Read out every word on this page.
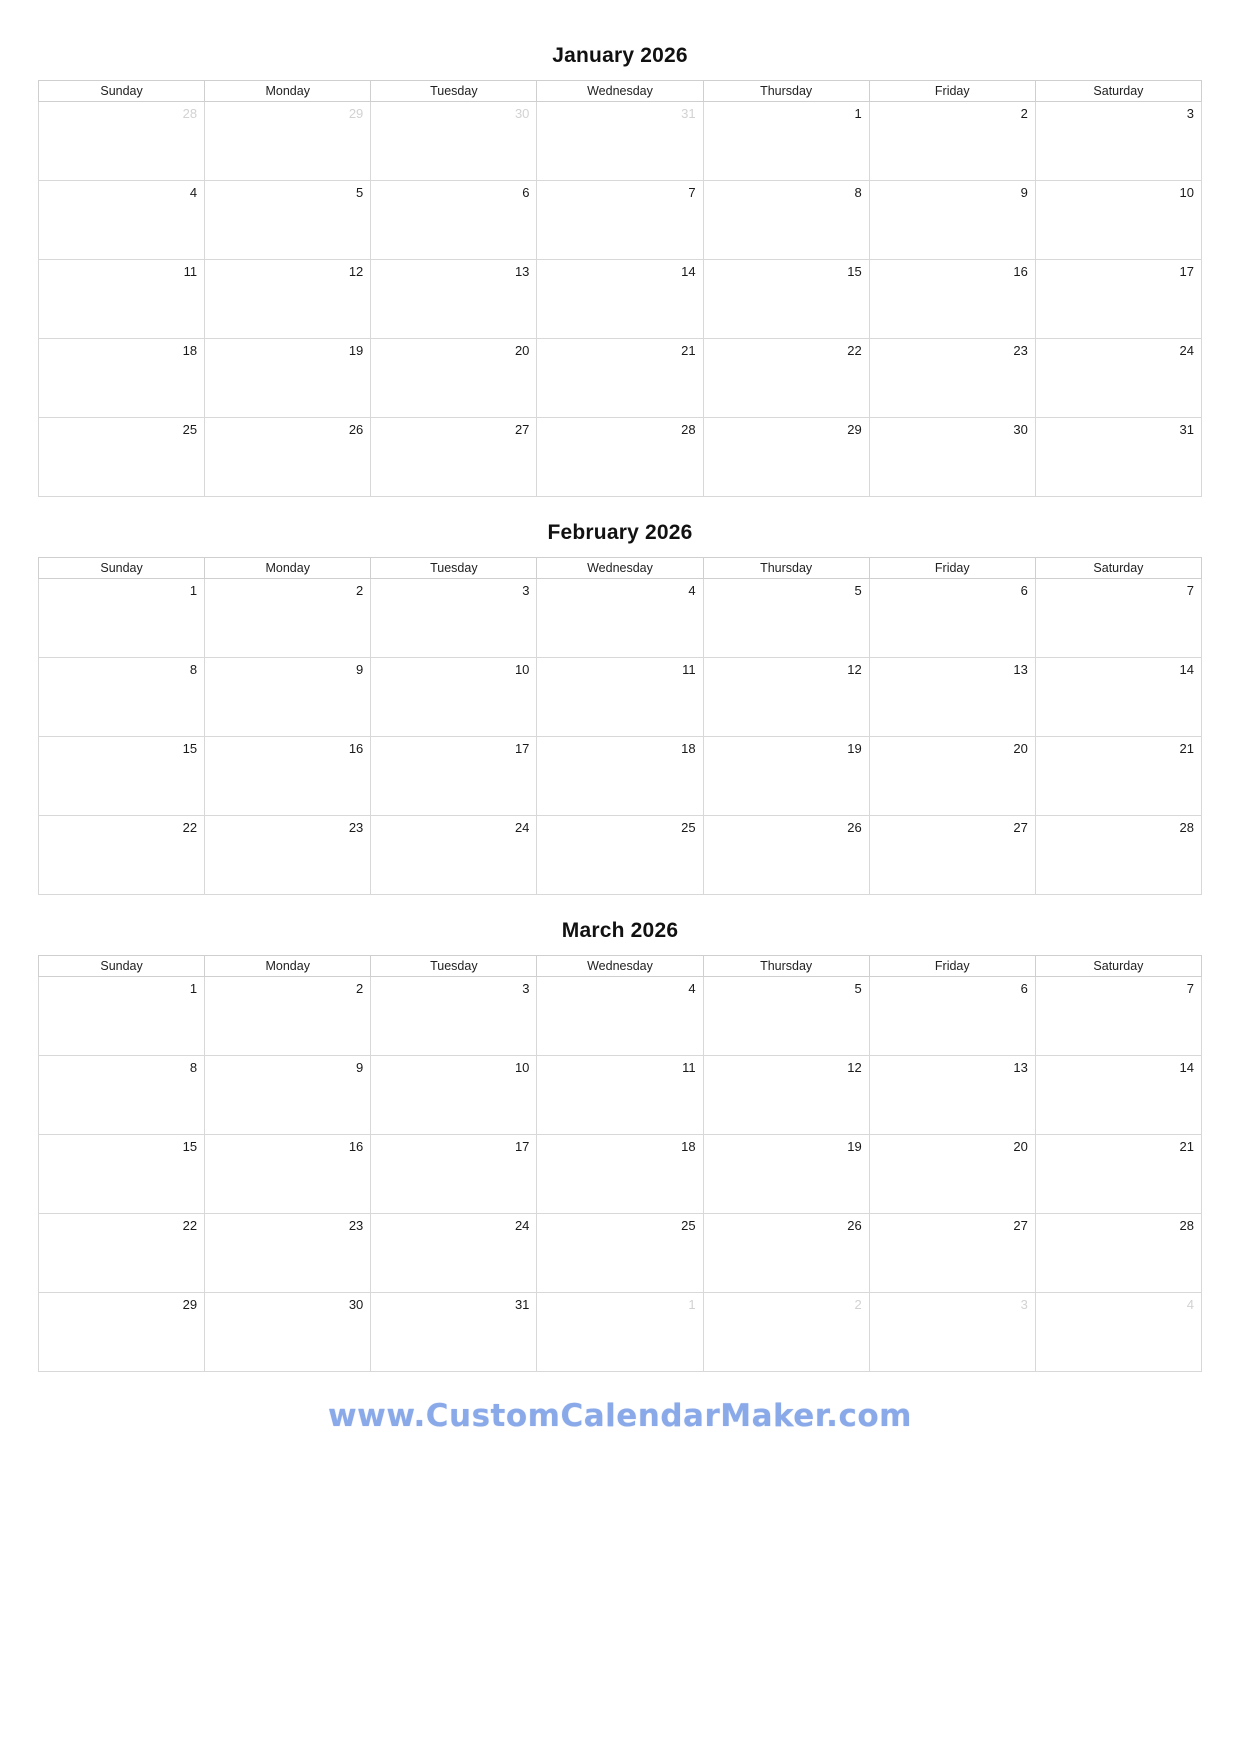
January 2026
Sunday	Monday	Tuesday	Wednesday	Thursday	Friday	Saturday
28	29	30	31	1	2	3
4	5	6	7	8	9	10
11	12	13	14	15	16	17
18	19	20	21	22	23	24
25	26	27	28	29	30	31
February 2026
Sunday	Monday	Tuesday	Wednesday	Thursday	Friday	Saturday
1	2	3	4	5	6	7
8	9	10	11	12	13	14
15	16	17	18	19	20	21
22	23	24	25	26	27	28
March 2026
Sunday	Monday	Tuesday	Wednesday	Thursday	Friday	Saturday
1	2	3	4	5	6	7
8	9	10	11	12	13	14
15	16	17	18	19	20	21
22	23	24	25	26	27	28
29	30	31	1	2	3	4
www.CustomCalendarMaker.com
